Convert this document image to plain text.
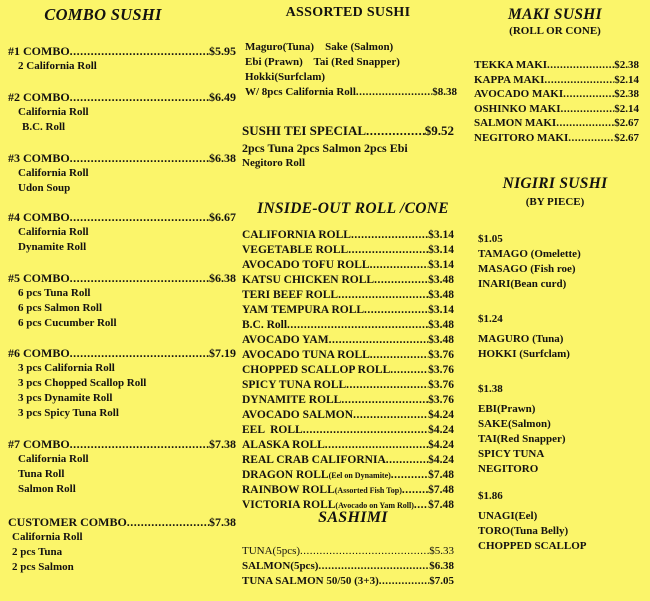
COMBO SUSHI
#1 COMBO .....	$5.95
2 California Roll
#2 COMBO .....	$6.49
California Roll
B.C. Roll
#3 COMBO .....	$6.38
California Roll
Udon Soup
#4 COMBO .....	$6.67
California Roll
Dynamite Roll
#5 COMBO .....	$6.38
6 pcs Tuna Roll
6 pcs Salmon Roll
6 pcs Cucumber Roll
#6 COMBO .....	$7.19
3 pcs California Roll
3 pcs Chopped Scallop Roll
3 pcs Dynamite Roll
3 pcs Spicy Tuna Roll
#7 COMBO .....	$7.38
California Roll
Tuna Roll
Salmon Roll
CUSTOMER COMBO .....	$7.38
California Roll
2 pcs Tuna
2 pcs Salmon
ASSORTED SUSHI
Maguro(Tuna)    Sake (Salmon)
Ebi (Prawn)    Tai (Red Snapper)
Hokki(Surfclam)
W/ 8pcs California Roll .....	$8.38
SUSHI TEI SPECIAL .....	$9.52
2pcs Tuna 2pcs Salmon 2pcs Ebi
Negitoro Roll
INSIDE-OUT ROLL /CONE
CALIFORNIA ROLL .....	$3.14
VEGETABLE ROLL .....	$3.14
AVOCADO TOFU ROLL .....	$3.14
KATSU CHICKEN ROLL .....	$3.48
TERI BEEF ROLL .....	$3.48
YAM TEMPURA ROLL .....	$3.14
B.C. Roll .....	$3.48
AVOCADO YAM .....	$3.48
AVOCADO TUNA ROLL .....	$3.76
CHOPPED SCALLOP ROLL .....	$3.76
SPICY TUNA ROLL .....	$3.76
DYNAMITE ROLL .....	$3.76
AVOCADO SALMON .....	$4.24
EEL  ROLL .....	$4.24
ALASKA ROLL .....	$4.24
REAL CRAB CALIFORNIA .....	$4.24
DRAGON ROLL (Eel on Dynamite) .....	$7.48
RAINBOW ROLL (Assorted Fish Top) ..... $7.48
VICTORIA ROLL (Avocado on Yam Roll) ..... $7.48
SASHIMI
TUNA(5pcs) .....	$5.33
SALMON(5pcs) .....	$6.38
TUNA SALMON 50/50 (3+3) .....	$7.05
MAKI SUSHI
(ROLL OR CONE)
TEKKA MAKI .....	$2.38
KAPPA MAKI .....	$2.14
AVOCADO MAKI .....	$2.38
OSHINKO MAKI .....	$2.14
SALMON MAKI .....	$2.67
NEGITORO MAKI .....	$2.67
NIGIRI SUSHI
(BY PIECE)
$1.05
TAMAGO (Omelette)
MASAGO (Fish roe)
INARI(Bean curd)
$1.24
MAGURO (Tuna)
HOKKI (Surfclam)
$1.38
EBI(Prawn)
SAKE(Salmon)
TAI(Red Snapper)
SPICY TUNA
NEGITORO
$1.86
UNAGI(Eel)
TORO(Tuna Belly)
CHOPPED SCALLOP
